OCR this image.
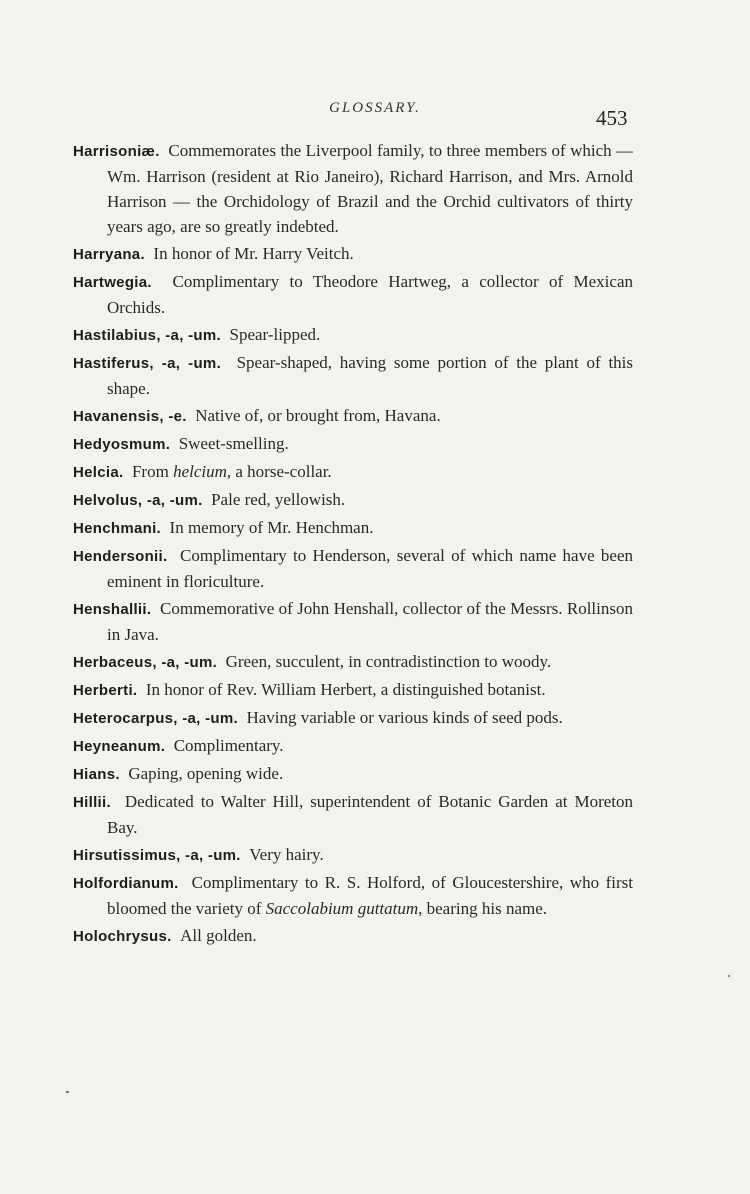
GLOSSARY.	453

Harrisoniæ. Commemorates the Liverpool family, to three members of which — Wm. Harrison (resident at Rio Janeiro), Richard Harrison, and Mrs. Arnold Harrison — the Orchidology of Brazil and the Orchid cultivators of thirty years ago, are so greatly indebted.

Harryana. In honor of Mr. Harry Veitch.

Hartwegia. Complimentary to Theodore Hartweg, a collector of Mexican Orchids.

Hastilabius, -a, -um. Spear-lipped.

Hastiferus, -a, -um. Spear-shaped, having some portion of the plant of this shape.

Havanensis, -e. Native of, or brought from, Havana.

Hedyosmum. Sweet-smelling.

Helcia. From helcium, a horse-collar.

Helvolus, -a, -um. Pale red, yellowish.

Henchmani. In memory of Mr. Henchman.

Hendersonii. Complimentary to Henderson, several of which name have been eminent in floriculture.

Henshallii. Commemorative of John Henshall, collector of the Messrs. Rollinson in Java.

Herbaceus, -a, -um. Green, succulent, in contradistinction to woody.

Herberti. In honor of Rev. William Herbert, a distinguished botanist.

Heterocarpus, -a, -um. Having variable or various kinds of seed pods.

Heyneanum. Complimentary.

Hians. Gaping, opening wide.

Hillii. Dedicated to Walter Hill, superintendent of Botanic Garden at Moreton Bay.

Hirsutissimus, -a, -um. Very hairy.

Holfordianum. Complimentary to R. S. Holford, of Gloucestershire, who first bloomed the variety of Saccolabium guttatum, bearing his name.

Holochrysus. All golden.
